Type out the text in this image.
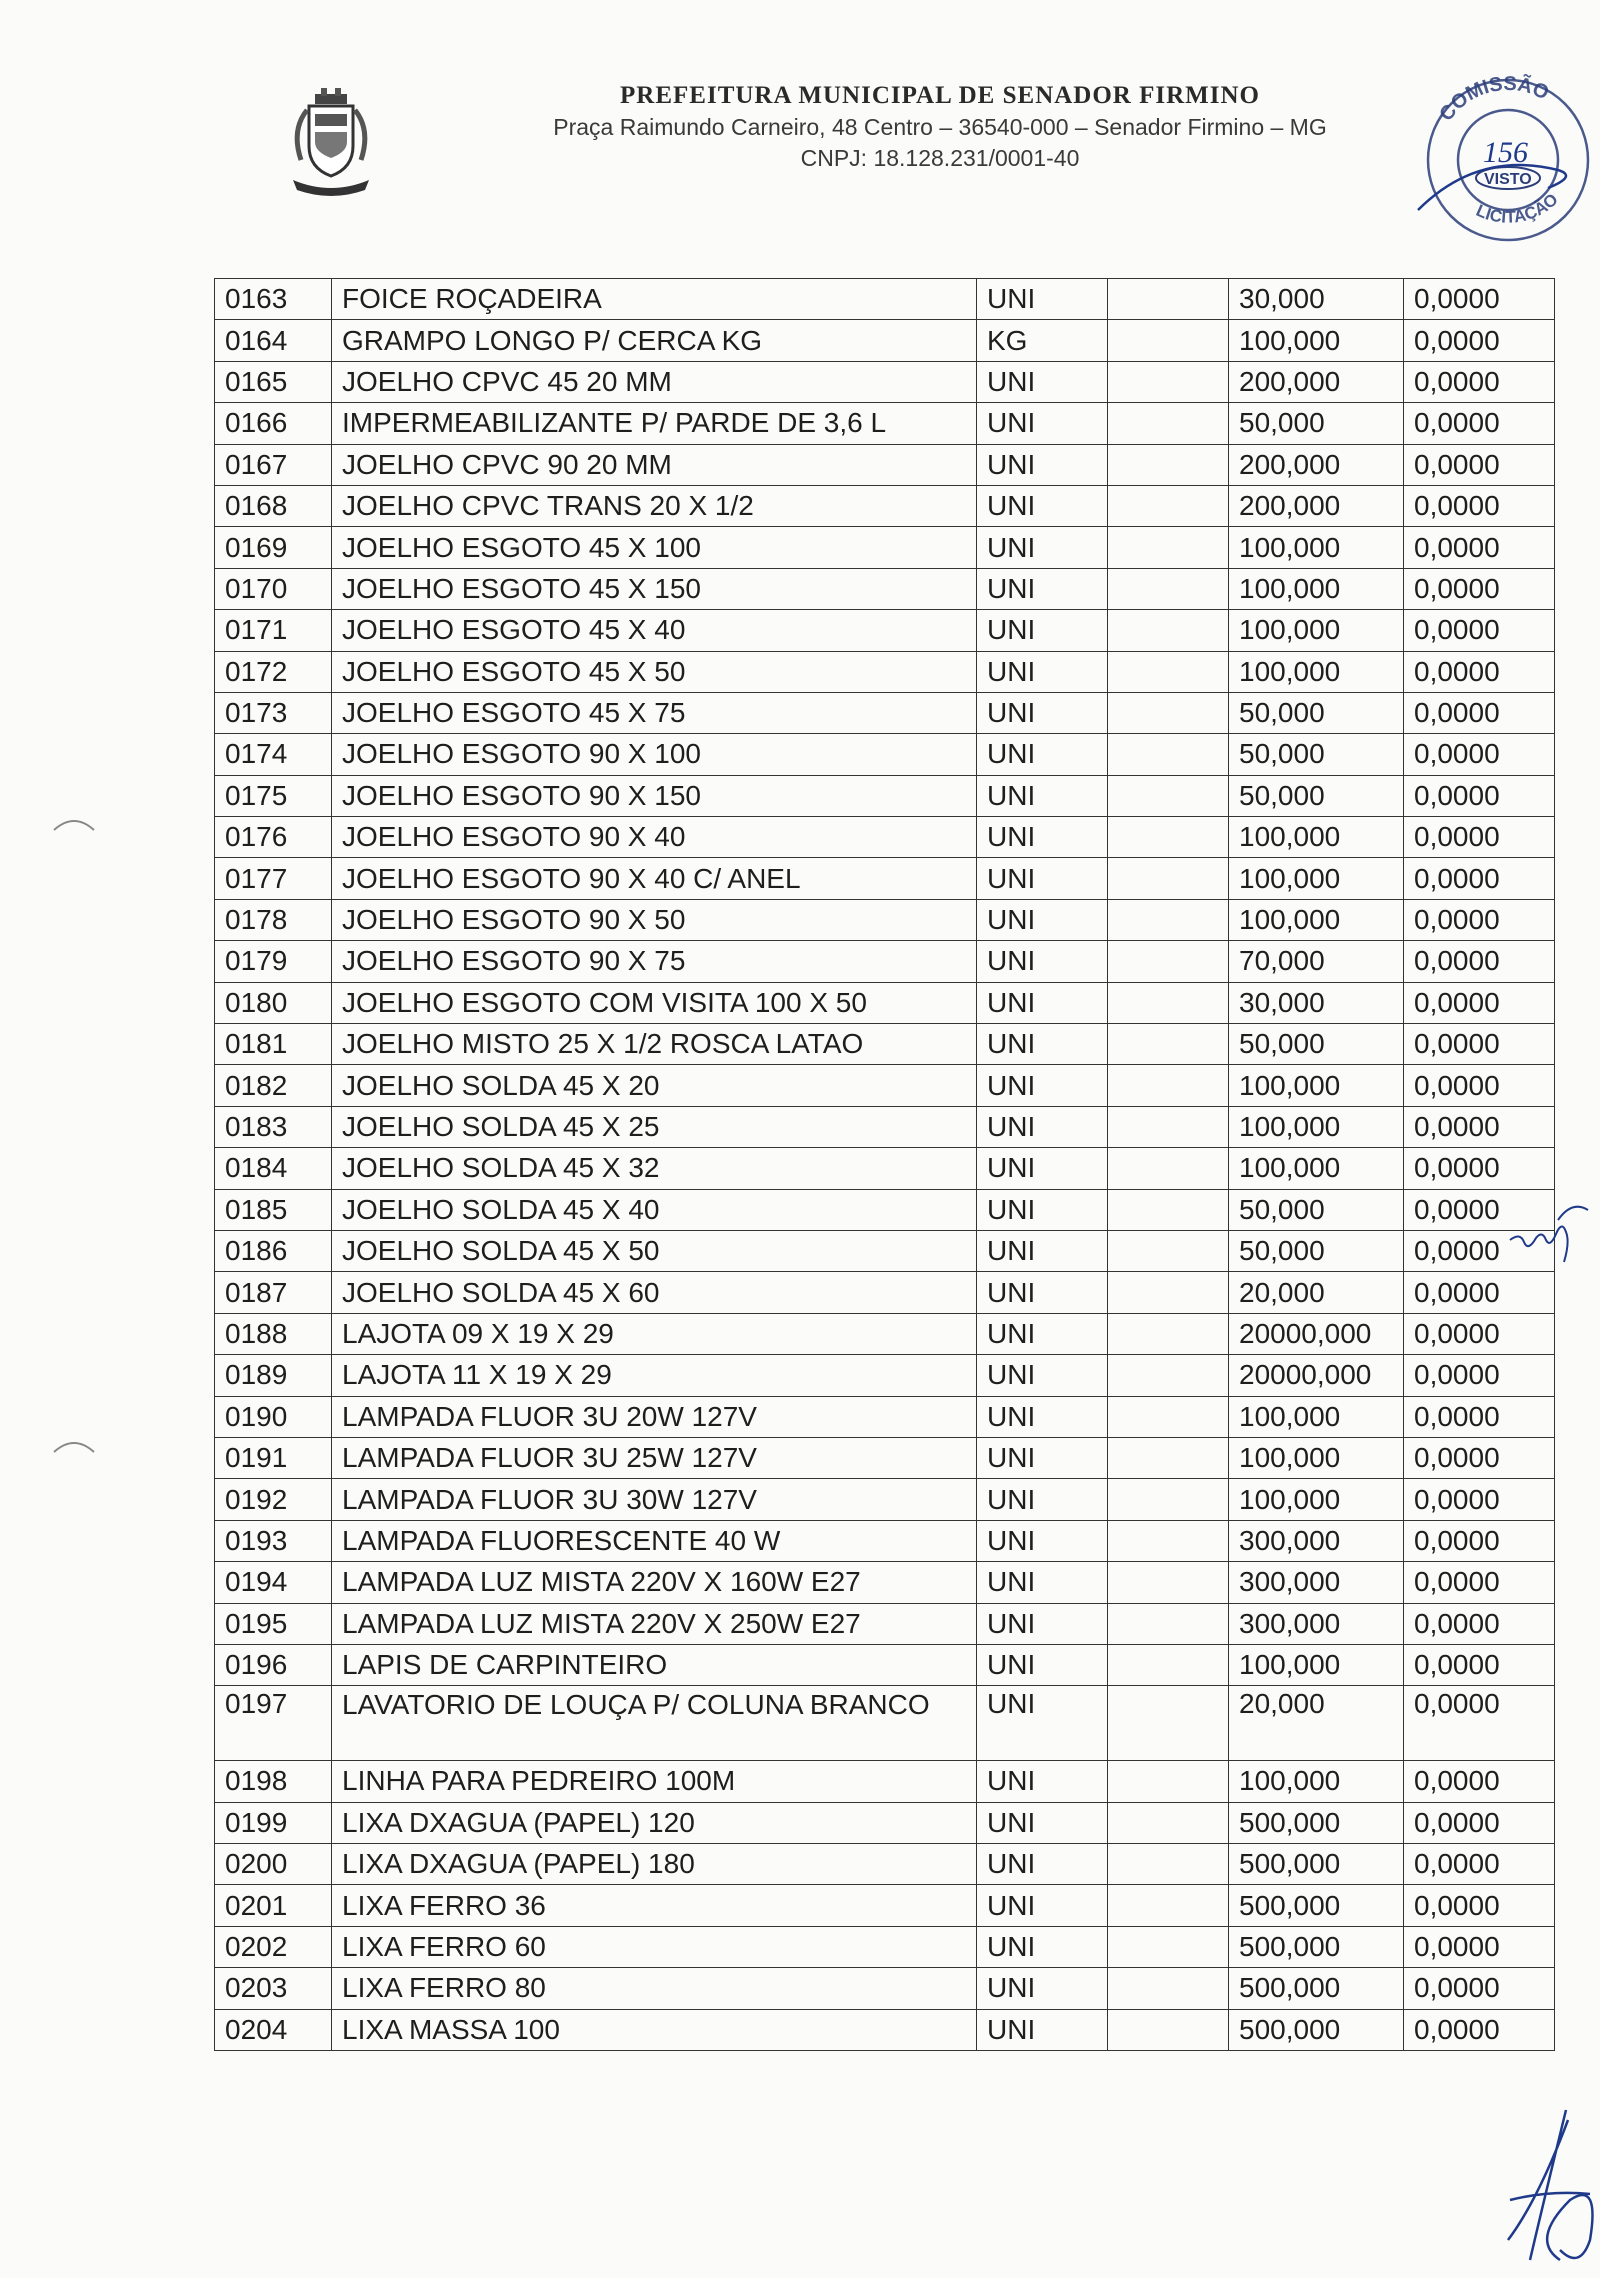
PREFEITURA MUNICIPAL DE SENADOR FIRMINO
Praça Raimundo Carneiro, 48 Centro – 36540-000 – Senador Firmino – MG
CNPJ: 18.128.231/0001-40
COMISSÃO
156
VISTO
LICITAÇÃO
0163	FOICE ROÇADEIRA	UNI		30,000	0,0000
0164	GRAMPO LONGO P/ CERCA KG	KG		100,000	0,0000
0165	JOELHO CPVC 45 20 MM	UNI		200,000	0,0000
0166	IMPERMEABILIZANTE P/ PARDE DE 3,6 L	UNI		50,000	0,0000
0167	JOELHO CPVC 90 20 MM	UNI		200,000	0,0000
0168	JOELHO CPVC TRANS 20 X 1/2	UNI		200,000	0,0000
0169	JOELHO ESGOTO 45 X 100	UNI		100,000	0,0000
0170	JOELHO ESGOTO 45 X 150	UNI		100,000	0,0000
0171	JOELHO ESGOTO 45 X 40	UNI		100,000	0,0000
0172	JOELHO ESGOTO 45 X 50	UNI		100,000	0,0000
0173	JOELHO ESGOTO 45 X 75	UNI		50,000	0,0000
0174	JOELHO ESGOTO 90 X 100	UNI		50,000	0,0000
0175	JOELHO ESGOTO 90 X 150	UNI		50,000	0,0000
0176	JOELHO ESGOTO 90 X 40	UNI		100,000	0,0000
0177	JOELHO ESGOTO 90 X 40 C/ ANEL	UNI		100,000	0,0000
0178	JOELHO ESGOTO 90 X 50	UNI		100,000	0,0000
0179	JOELHO ESGOTO 90 X 75	UNI		70,000	0,0000
0180	JOELHO ESGOTO COM VISITA 100 X 50	UNI		30,000	0,0000
0181	JOELHO MISTO 25 X 1/2 ROSCA LATAO	UNI		50,000	0,0000
0182	JOELHO SOLDA 45 X 20	UNI		100,000	0,0000
0183	JOELHO SOLDA 45 X 25	UNI		100,000	0,0000
0184	JOELHO SOLDA 45 X 32	UNI		100,000	0,0000
0185	JOELHO SOLDA 45 X 40	UNI		50,000	0,0000
0186	JOELHO SOLDA 45 X 50	UNI		50,000	0,0000
0187	JOELHO SOLDA 45 X 60	UNI		20,000	0,0000
0188	LAJOTA 09 X 19 X 29	UNI		20000,000	0,0000
0189	LAJOTA 11 X 19 X 29	UNI		20000,000	0,0000
0190	LAMPADA FLUOR 3U 20W 127V	UNI		100,000	0,0000
0191	LAMPADA FLUOR 3U 25W 127V	UNI		100,000	0,0000
0192	LAMPADA FLUOR 3U 30W 127V	UNI		100,000	0,0000
0193	LAMPADA FLUORESCENTE 40 W	UNI		300,000	0,0000
0194	LAMPADA LUZ MISTA 220V X 160W E27	UNI		300,000	0,0000
0195	LAMPADA LUZ MISTA 220V X 250W E27	UNI		300,000	0,0000
0196	LAPIS DE CARPINTEIRO	UNI		100,000	0,0000
0197	LAVATORIO DE LOUÇA P/ COLUNA BRANCO	UNI		20,000	0,0000
0198	LINHA PARA PEDREIRO 100M	UNI		100,000	0,0000
0199	LIXA DXAGUA (PAPEL) 120	UNI		500,000	0,0000
0200	LIXA DXAGUA (PAPEL) 180	UNI		500,000	0,0000
0201	LIXA FERRO 36	UNI		500,000	0,0000
0202	LIXA FERRO 60	UNI		500,000	0,0000
0203	LIXA FERRO 80	UNI		500,000	0,0000
0204	LIXA MASSA 100	UNI		500,000	0,0000
